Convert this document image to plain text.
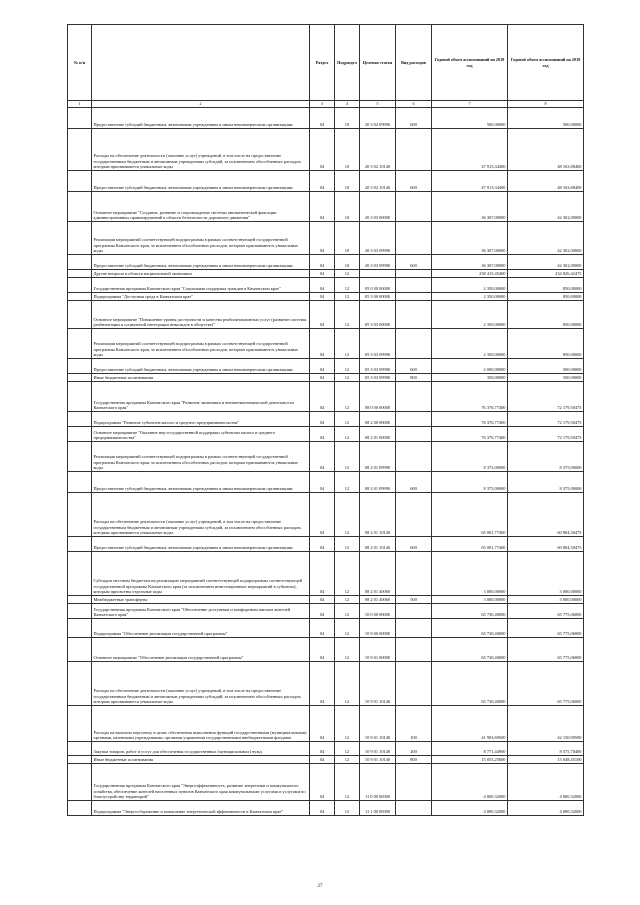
№ п/п		Раздел	Подраздел	Целевая статья	Вид расходов	Годовой объем ассигнований на 2018 год	Годовой объем ассигнований на 2019 год
1	2	3	4	5	6	7	8
	Предоставление субсидий бюджетным, автономным учреждениям и иным некоммерческим организациям	04	10	20 3 02 09990	600	500,00000	500,00000
	Расходы на обеспечение деятельности (оказание услуг) учреждений, в том числе на предоставление государственным бюджетным и автономным учреждениям субсидий, за исключением обособленных расходов, которым присваиваются уникальные коды	04	10	20 3 02 10140		47 913,34400	48 163,88400
	Предоставление субсидий бюджетным, автономным учреждениям и иным некоммерческим организациям	04	10	20 3 02 10140	600	47 913,34400	48 163,88400
	Основное мероприятие "Создание, развитие и сопровождение системы автоматической фиксации административных правонарушений в области безопасности дорожного движения"	04	10	20 3 03 00000		36 307,00000	42 302,00000
	Реализация мероприятий соответствующей подпрограммы в рамках соответствующей государственной программы Камчатского края, за исключением обособленных расходов, которым присваиваются уникальные коды	04	10	20 3 03 09990		36 307,00000	42 302,00000
	Предоставление субсидий бюджетным, автономным учреждениям и иным некоммерческим организациям	04	10	20 3 03 09990	600	36 307,00000	42 302,00000
	Другие вопросы в области национальной экономики	04	12			238 415,45400	234 826,42475
	Государственная программа Камчатского края "Социальная поддержка граждан в Камчатском крае"	04	12	05 0 00 00000		2 350,00000	850,00000
	Подпрограмма "Доступная среда в Камчатском крае"	04	12	05 3 00 00000		2 350,00000	850,00000
	Основное мероприятие "Повышение уровня доступности и качества реабилитационных услуг (развитие системы реабилитации и социальной интеграции инвалидов в обществе)"	04	12	05 3 03 00000		2 350,00000	850,00000
	Реализация мероприятий соответствующей подпрограммы в рамках соответствующей государственной программы Камчатского края, за исключением обособленных расходов, которым присваиваются уникальные коды	04	12	05 3 03 09990		2 350,00000	850,00000
	Предоставление субсидий бюджетным, автономным учреждениям и иным некоммерческим организациям	04	12	05 3 03 09990	600	2 000,00000	500,00000
	Иные бюджетные ассигнования	04	12	05 3 03 09990	800	350,00000	350,00000
	Государственная программа Камчатского края "Развитие экономики и внешнеэкономической деятельности Камчатского края"	04	12	08 0 00 00000		76 376,77400	72 179,50475
	Подпрограмма "Развитие субъектов малого и среднего предпринимательства"	04	12	08 2 00 00000		76 376,77400	72 179,50475
	Основное мероприятие "Оказание мер государственной поддержки субъектам малого и среднего предпринимательства"	04	12	08 2 01 00000		76 376,77400	72 179,50475
	Реализация мероприятий соответствующей подпрограммы в рамках соответствующей государственной программы Камчатского края, за исключением обособленных расходов, которым присваиваются уникальные коды	04	12	08 2 01 09990		8 375,00000	8 375,00000
	Предоставление субсидий бюджетным, автономным учреждениям и иным некоммерческим организациям	04	12	08 2 01 09990	600	8 375,00000	8 375,00000
	Расходы на обеспечение деятельности (оказание услуг) учреждений, в том числе на предоставление государственным бюджетным и автономным учреждениям субсидий, за исключением обособленных расходов, которым присваиваются уникальные коды	04	12	08 2 01 10140		65 001,77400	60 804,50475
	Предоставление субсидий бюджетным, автономным учреждениям и иным некоммерческим организациям	04	12	08 2 01 10140	600	65 001,77400	60 804,50475
	Субсидии местным бюджетам на реализацию мероприятий соответствующей подпрограммы соответствующей государственной программы Камчатского края (за исключением инвестиционных мероприятий в субъекты), которым присвоены отдельные коды	04	12	08 2 01 40060		3 000,00000	3 000,00000
	Межбюджетные трансферты	04	12	08 2 01 40060	500	3 000,00000	3 000,00000
	Государственная программа Камчатского края "Обеспечение доступным и комфортным жильем жителей Камчатского края"	04	12	10 0 00 00000		65 730,40000	65 775,06000
	Подпрограмма "Обеспечение реализации государственной программы"	04	12	10 9 00 00000		65 730,40000	65 775,06000
	Основное мероприятие "Обеспечение реализации государственной программы"	04	12	10 9 01 00000		65 730,40000	65 775,06000
	Расходы на обеспечение деятельности (оказание услуг) учреждений, в том числе на предоставление государственным бюджетным и автономным учреждениям субсидий, за исключением обособленных расходов, которым присваиваются уникальные коды	04	12	10 9 01 10140		65 730,40000	65 775,06000
	Расходы на выплаты персоналу в целях обеспечения выполнения функций государственными (муниципальными) органами, казенными учреждениями, органами управления государственными внебюджетными фондами	04	12	10 9 01 10140	100	41 903,69500	42 150,90500
	Закупка товаров, работ и услуг для обеспечения государственных (муниципальных) нужд	04	12	10 9 01 10140	200	8 771,44900	8 575,70400
	Иные бюджетные ассигнования	04	12	10 9 01 10140	800	15 055,25600	15 048,45100
	Государственная программа Камчатского края "Энергоэффективность, развитие энергетики и коммунального хозяйства, обеспечение жителей населенных пунктов Камчатского края коммунальными услугами и услугами по благоустройству территорий"	04	12	11 0 00 00000		4 800,32000	4 800,32000
	Подпрограмма "Энергосбережение и повышение энергетической эффективности в Камчатском крае"	04	12	11 1 00 00000		4 800,32000	4 800,32000
27
